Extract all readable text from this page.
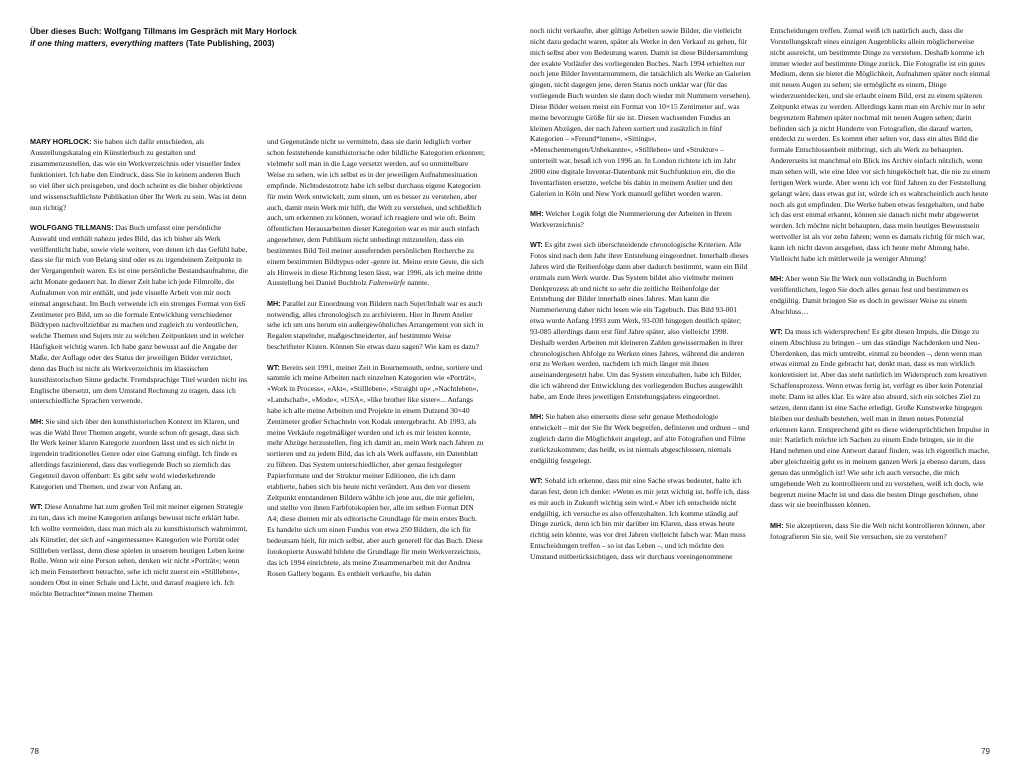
Über dieses Buch: Wolfgang Tillmans im Gespräch mit Mary Horlock
if one thing matters, everything matters (Tate Publishing, 2003)

MARY HORLOCK: Sie haben sich dafür entschieden, als Ausstellungskatalog ein Künstlerbuch zu gestalten und zusammenzustellen, das wie ein Werkverzeichnis oder visueller Index funktioniert. Ich habe den Eindruck, dass Sie in keinem anderen Buch so viel über sich preisgeben, und doch scheint es die bisher objektivste und wissenschaftlichste Publikation über Ihr Werk zu sein. Was ist denn nun richtig?

WOLFGANG TILLMANS: Das Buch umfasst eine persönliche Auswahl und enthält nahezu jedes Bild, das ich bisher als Werk veröffentlicht habe, sowie viele weitere, von denen ich das Gefühl habe, dass sie für mich von Belang sind oder es zu irgendeinem Zeitpunkt in der Vergangenheit waren. Es ist eine persönliche Bestandsaufnahme, die acht Monate gedauert hat. In dieser Zeit habe ich jede Filmrolle, die Aufnahmen von mir enthält, und jede visuelle Arbeit von mir noch einmal angeschaut. Im Buch verwende ich ein strenges Format von 6x6 Zentimeter pro Bild, um so die formale Entwicklung verschiedener Bildtypen nachvollziehbar zu machen und zugleich zu verdeutlichen, welche Themen und Sujets mir zu welchen Zeitpunkten und in welcher Häufigkeit wichtig waren. Ich habe ganz bewusst auf die Angabe der Maße, der Auflage oder des Status der jeweiligen Bilder verzichtet, denn das Buch ist nicht als Werkverzeichnis im klassischen kunsthistorischen Sinne gedacht. Fremdsprachige Titel wurden nicht ins Englische übersetzt, um dem Umstand Rechnung zu tragen, dass ich unterschiedliche Sprachen verwende.

MH: Sie sind sich über den kunsthistorischen Kontext im Klaren, und was die Wahl Ihrer Themen angeht, wurde schon oft gesagt, dass sich Ihr Werk keiner klaren Kategorie zuordnen lässt und es sich nicht in irgendein traditionelles Genre oder eine Gattung einfügt. Ich finde es allerdings faszinierend, dass das vorliegende Buch so ziemlich das Gegenteil davon offenbart: Es gibt sehr wohl wiederkehrende Kategorien und Themen, und zwar von Anfang an.

WT: Diese Annahme hat zum großen Teil mit meiner eigenen Strategie zu tun, dass ich meine Kategorien anfangs bewusst nicht erklärt habe. Ich wollte vermeiden, dass man mich als zu kunsthistorisch wahrnimmt, als Künstler, der sich auf »angemessene« Kategorien wie Porträt oder Stillleben verlässt, denn diese spielen in unserem heutigen Leben keine Rolle. Wenn wir eine Person sehen, denken wir nicht »Porträt«; wenn ich mein Fensterbrett betrachte, sehe ich nicht zuerst ein »Stillleben«, sondern Obst in einer Schale und Licht, und darauf reagiere ich. Ich möchte Betrachter*innen meine Themen

und Gegenstände nicht so vermitteln, dass sie darin lediglich vorher schon feststehende kunsthistorische oder bildliche Kategorien erkennen; vielmehr soll man in die Lage versetzt werden, auf so unmittelbare Weise zu sehen, wie ich selbst es in der jeweiligen Aufnahmesituation empfinde. Nichtsdestotrotz habe ich selbst durchaus eigene Kategorien für mein Werk entwickelt, zum einen, um es besser zu verstehen, aber auch, damit mein Werk mir hilft, die Welt zu verstehen, und schließlich auch, um erkennen zu können, worauf ich reagiere und wie oft. Beim öffentlichen Herausarbeiten dieser Kategorien war es mir auch einfach angenehmer, dem Publikum nicht unbedingt mitzuteilen, dass ein bestimmtes Bild Teil meiner ausufernden persönlichen Recherche zu einem bestimmten Bildtypus oder -genre ist. Meine erste Geste, die sich als Hinweis in diese Richtung lesen lässt, war 1996, als ich meine dritte Ausstellung bei Daniel Buchholz Faltenwürfe nannte.

MH: Parallel zur Einordnung von Bildern nach Sujet/Inhalt war es auch notwendig, alles chronologisch zu archivieren. Hier in Ihrem Atelier sehe ich um uns herum ein außergewöhnliches Arrangement von sich in Regalen stapelnder, maßgeschneiderter, auf bestimmte Weise beschrifteter Kisten. Können Sie etwas dazu sagen? Wie kam es dazu?

WT: Bereits seit 1991, meiner Zeit in Bournemouth, ordne, sortiere und sammle ich meine Arbeiten nach einzelnen Kategorien wie »Porträt«, »Work in Process«, »Akt«, »Stillleben«, »Straight up« ,»Nachtleben«, »Landschaft«, »Mode«, »USA«, »like brother like sister«... Anfangs habe ich alle meine Arbeiten und Projekte in einem Dutzend 30×40 Zentimeter großer Schachteln von Kodak untergebracht. Ab 1993, als meine Verkäufe regelmäßiger wurden und ich es mir leisten konnte, mehr Abzüge herzustellen, fing ich damit an, mein Werk nach Jahren zu sortieren und zu jedem Bild, das ich als Werk auffasste, ein Datenblatt zu führen. Das System unterschiedlicher, aber genau festgelegter Papierformate und der Struktur meiner Editionen, die ich dann etablierte, haben sich bis heute nicht verändert. Aus den vor diesem Zeitpunkt entstandenen Bildern wählte ich jene aus, die mir gefielen, und stellte von ihnen Farbfotokopien her, alle im selben Format DIN A4; diese dienten mir als editorische Grundlage für mein erstes Buch. Es handelte sich um einen Fundus von etwa 250 Bildern, die ich für bedeutsam hielt, für mich selbst, aber auch generell für das Buch. Diese fotokopierte Auswahl bildete die Grundlage für mein Werkverzeichnis, das ich 1994 einrichtete, als meine Zusammenarbeit mit der Andrea Rosen Gallery begann. Es enthielt verkaufte, bis dahin

78

noch nicht verkaufte, aber gültige Arbeiten sowie Bilder, die vielleicht nicht dazu gedacht waren, später als Werke in den Verkauf zu gehen, für mich selbst aber von Bedeutung waren. Damit ist diese Bildersammlung der exakte Vorläufer des vorliegenden Buches. Nach 1994 erhielten nur noch jene Bilder Inventarnummern, die tatsächlich als Werke an Galerien gingen, nicht dagegen jene, deren Status noch unklar war (für das vorliegende Buch wurden sie dann doch wieder mit Nummern versehen). Diese Bilder weisen meist ein Format von 10×15 Zentimeter auf, was meine bevorzugte Größe für sie ist. Diesen wachsenden Fundus an kleinen Abzügen, der nach Jahren sortiert und zusätzlich in fünf Kategorien – »Freund*innen«, »Sittings«, »Menschenmengen/Unbekannte«, »Stillleben« und »Struktur« – unterteilt war, besaß ich von 1996 an. In London richtete ich im Jahr 2000 eine digitale Inventar-Datenbank mit Suchfunktion ein, die die Inventarlisten ersetzte, welche bis dahin in meinem Atelier und den Galerien in Köln und New York manuell geführt worden waren.

MH: Welcher Logik folgt die Nummerierung der Arbeiten in Ihrem Werkverzeichnis?

WT: Es gibt zwei sich überschneidende chronologische Kriterien. Alle Fotos sind nach dem Jahr ihrer Entstehung eingeordnet. Innerhalb dieses Jahres wird die Reihenfolge dann aber dadurch bestimmt, wann ein Bild erstmals zum Werk wurde. Das System bildet also vielmehr meinen Denkprozess ab und nicht so sehr die zeitliche Reihenfolge der Entstehung der Bilder innerhalb eines Jahres. Man kann die Nummerierung daher nicht lesen wie ein Tagebuch. Das Bild 93-001 etwa wurde Anfang 1993 zum Werk, 93-030 hingegen deutlich später; 93-085 allerdings dann erst fünf Jahre später, also vielleicht 1998. Deshalb werden Arbeiten mit kleineren Zahlen gewissermaßen in ihrer chronologischen Abfolge zu Werken eines Jahres, während die anderen erst zu Werken werden, nachdem ich mich länger mit ihnen auseinandergesetzt habe. Um das System einzuhalten, habe ich Bilder, die ich während der Entwicklung des vorliegenden Buches ausgewählt habe, am Ende ihres jeweiligen Entstehungsjahres eingeordnet.

MH: Sie haben also einerseits diese sehr genaue Methodologie entwickelt – mit der Sie Ihr Werk begreifen, definieren und ordnen – und zugleich darin die Möglichkeit angelegt, auf alte Fotografien und Filme zurückzukommen; das heißt, es ist niemals abgeschlossen, niemals endgültig festgelegt.

WT: Sobald ich erkenne, dass mir eine Sache etwas bedeutet, halte ich daran fest, denn ich denke: »Wenn es mir jetzt wichtig ist, hoffe ich, dass es mir auch in Zukunft wichtig sein wird.« Aber ich entscheide nicht endgültig, ich versuche es also offenzuhalten. Ich komme ständig auf Dinge zurück, denn ich bin mir darüber im Klaren, dass etwas heute richtig sein könnte, was vor drei Jahren vielleicht falsch war. Man muss Entscheidungen treffen – so ist das Leben –, und ich möchte den Umstand mitberücksichtigen, dass wir durchaus voreingenommene

Entscheidungen treffen. Zumal weiß ich natürlich auch, dass die Vorstellungskraft eines einzigen Augenblicks allein möglicherweise nicht ausreicht, um bestimmte Dinge zu verstehen. Deshalb komme ich immer wieder auf bestimmte Dinge zurück. Die Fotografie ist ein gutes Medium, denn sie bietet die Möglichkeit, Aufnahmen später noch einmal mit neuen Augen zu sehen; sie ermöglicht es einem, Dinge wiederzuentdecken, und sie erlaubt einem Bild, erst zu einem späteren Zeitpunkt etwas zu werden. Allerdings kann man ein Archiv nur in sehr begrenztem Rahmen später nochmal mit neuen Augen sehen; darin befinden sich ja nicht Hunderte von Fotografien, die darauf warten, entdeckt zu werden. Es kommt eher selten vor, dass ein altes Bild die formale Entschlossenheit mitbringt, sich als Werk zu behaupten. Andererseits ist manchmal ein Blick ins Archiv einfach nützlich, wenn man sehen will, wie eine Idee vor sich hingeköchelt hat, die nie zu einem fertigen Werk wurde. Aber wenn ich vor fünf Jahren zu der Feststellung gelangt wäre, dass etwas gut ist, würde ich es wahrscheinlich auch heute noch als gut empfinden. Die Werke haben etwas festgehalten, und habe ich das erst einmal erkannt, können sie danach nicht mehr abgewertet werden. Ich möchte nicht behaupten, dass mein heutiges Bewusstsein wertvoller ist als vor zehn Jahren; wenn es damals richtig für mich war, kann ich nicht davon ausgehen, dass ich heute mehr Ahnung habe. Vielleicht habe ich mittlerweile ja weniger Ahnung!

MH: Aber wenn Sie Ihr Werk nun vollständig in Buchform veröffentlichen, legen Sie doch alles genau fest und bestimmen es endgültig. Damit bringen Sie es doch in gewisser Weise zu einem Abschluss…

WT: Da muss ich widersprechen! Es gibt diesen Impuls, die Dinge zu einem Abschluss zu bringen – um das ständige Nachdenken und Neu-Überdenken, das mich umtreibt, einmal zu beenden –, denn wenn man etwas einmal zu Ende gebracht hat, denkt man, dass es nun wirklich konkretisiert ist. Aber das steht natürlich im Widerspruch zum kreativen Schaffensprozess. Wenn etwas fertig ist, verfügt es über kein Potenzial mehr. Dann ist alles klar. Es wäre also absurd, sich ein solches Ziel zu setzen, denn dann ist eine Sache erledigt. Große Kunstwerke hingegen bleiben nur deshalb bestehen, weil man in ihnen neues Potenzial erkennen kann. Entsprechend gibt es diese widersprüchlichen Impulse in mir: Natürlich möchte ich Sachen zu einem Ende bringen, sie in die Hand nehmen und eine Antwort darauf finden, was ich eigentlich mache, aber gleichzeitig geht es in meinem ganzen Werk ja ebenso darum, dass genau das unmöglich ist! Wie sehr ich auch versuche, die mich umgebende Welt zu kontrollieren und zu verstehen, weiß ich doch, wie begrenzt meine Macht ist und dass die besten Dinge geschehen, ohne dass wir sie beeinflussen können.

MH: Sie akzeptieren, dass Sie die Welt nicht kontrollieren können, aber fotografieren Sie sie, weil Sie versuchen, sie zu verstehen?

79
